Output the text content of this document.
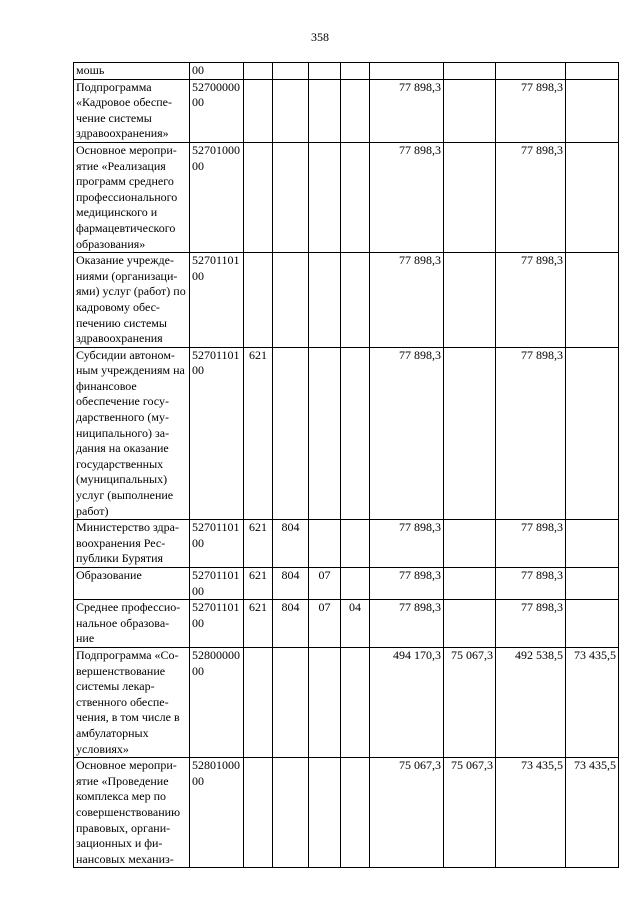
358
мошь	00								
Подпрограмма «Кадровое обеспе-чение системы здравоохранения»	5270000000					77 898,3		77 898,3	
Основное меропри-ятие «Реализация программ среднего профессионального медицинского и фармацевтического образования»	5270100000					77 898,3		77 898,3	
Оказание учрежде-ниями (организаци-ями) услуг (работ) по кадровому обес-печению системы здравоохранения	5270110100					77 898,3		77 898,3	
Субсидии автоном-ным учреждениям на финансовое обеспечение госу-дарственного (му-ниципального) за-дания на оказание государственных (муниципальных) услуг (выполнение работ)	5270110100	621				77 898,3		77 898,3	
Министерство здра-воохранения Рес-публики Бурятия	5270110100	621	804			77 898,3		77 898,3	
Образование	5270110100	621	804	07		77 898,3		77 898,3	
Среднее профессио-нальное образова-ние	5270110100	621	804	07	04	77 898,3		77 898,3	
Подпрограмма «Со-вершенствование системы лекар-ственного обеспе-чения, в том числе в амбулаторных условиях»	5280000000					494 170,3	75 067,3	492 538,5	73 435,5
Основное меропри-ятие «Проведение комплекса мер по совершенствованию правовых, органи-зационных и фи-нансовых механиз-	5280100000					75 067,3	75 067,3	73 435,5	73 435,5
